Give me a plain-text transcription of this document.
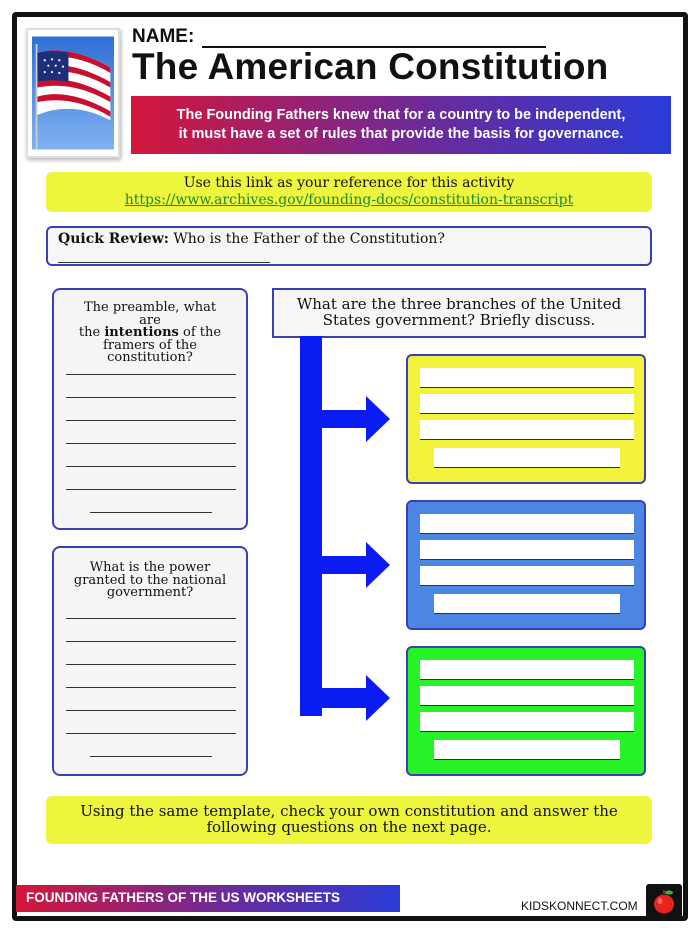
NAME:
The American Constitution
The Founding Fathers knew that for a country to be independent,
it must have a set of rules that provide the basis for governance.
Use this link as your reference for this activity
https://www.archives.gov/founding-docs/constitution-transcript
Quick Review: Who is the Father of the Constitution?
The preamble, what are
the intentions of the
framers of the
constitution?
What is the power
granted to the national
government?
What are the three branches of the United
States government? Briefly discuss.
Using the same template, check your own constitution and answer the
following questions on the next page.
FOUNDING FATHERS OF THE US WORKSHEETS
KIDSKONNECT.COM
